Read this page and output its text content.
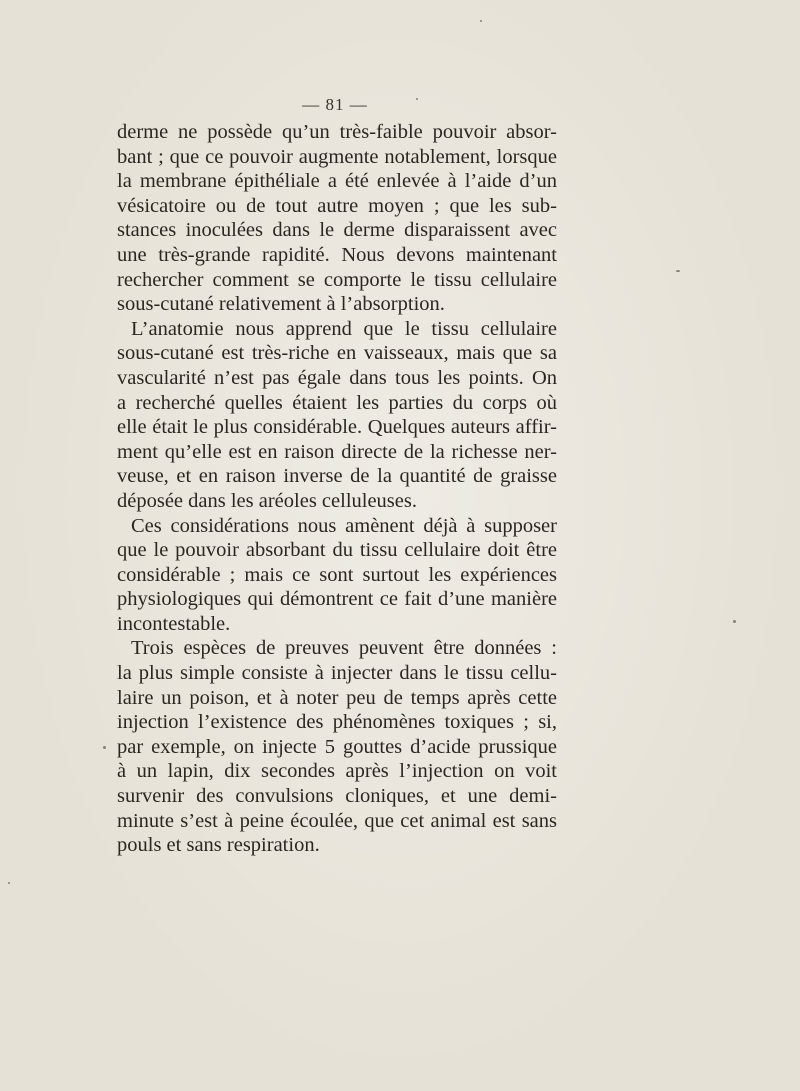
— 81 —
derme ne possède qu’un très-faible pouvoir absor-
bant ; que ce pouvoir augmente notablement, lorsque
la membrane épithéliale a été enlevée à l’aide d’un
vésicatoire ou de tout autre moyen ; que les sub-
stances inoculées dans le derme disparaissent avec
une très-grande rapidité. Nous devons maintenant
rechercher comment se comporte le tissu cellulaire
sous-cutané relativement à l’absorption.
L’anatomie nous apprend que le tissu cellulaire
sous-cutané est très-riche en vaisseaux, mais que sa
vascularité n’est pas égale dans tous les points. On
a recherché quelles étaient les parties du corps où
elle était le plus considérable. Quelques auteurs affir-
ment qu’elle est en raison directe de la richesse ner-
veuse, et en raison inverse de la quantité de graisse
déposée dans les aréoles celluleuses.
Ces considérations nous amènent déjà à supposer
que le pouvoir absorbant du tissu cellulaire doit être
considérable ; mais ce sont surtout les expériences
physiologiques qui démontrent ce fait d’une manière
incontestable.
Trois espèces de preuves peuvent être données :
la plus simple consiste à injecter dans le tissu cellu-
laire un poison, et à noter peu de temps après cette
injection l’existence des phénomènes toxiques ; si,
par exemple, on injecte 5 gouttes d’acide prussique
à un lapin, dix secondes après l’injection on voit
survenir des convulsions cloniques, et une demi-
minute s’est à peine écoulée, que cet animal est sans
pouls et sans respiration.
